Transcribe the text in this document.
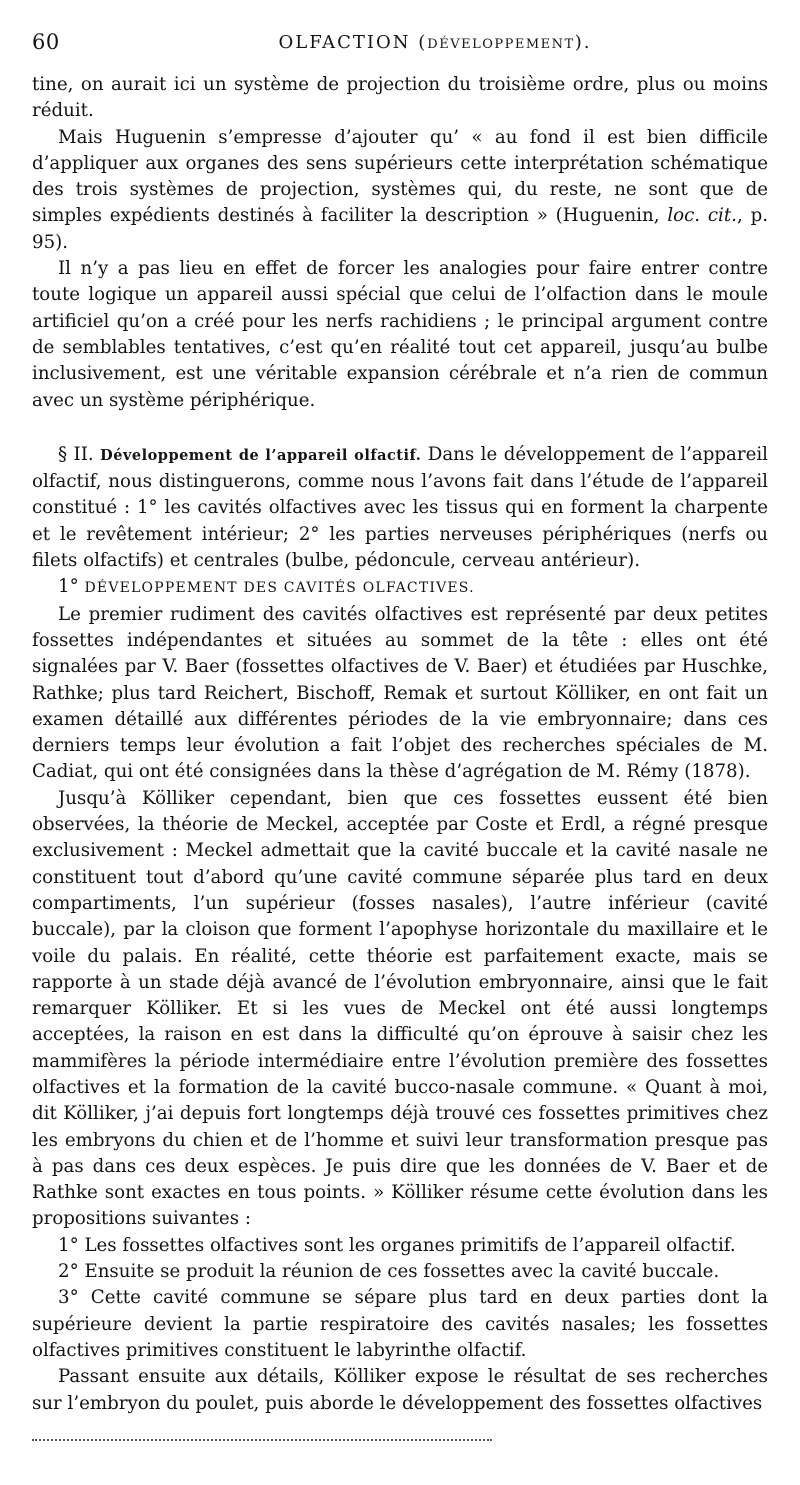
60	OLFACTION (DÉVELOPPEMENT).

tine, on aurait ici un système de projection du troisième ordre, plus ou moins réduit.

Mais Huguenin s’empresse d’ajouter qu’ « au fond il est bien difficile d’appliquer aux organes des sens supérieurs cette interprétation schématique des trois systèmes de projection, systèmes qui, du reste, ne sont que de simples expédients destinés à faciliter la description » (Huguenin, loc. cit., p. 95).

Il n’y a pas lieu en effet de forcer les analogies pour faire entrer contre toute logique un appareil aussi spécial que celui de l’olfaction dans le moule artificiel qu’on a créé pour les nerfs rachidiens ; le principal argument contre de semblables tentatives, c’est qu’en réalité tout cet appareil, jusqu’au bulbe inclusivement, est une véritable expansion cérébrale et n’a rien de commun avec un système périphérique.

§ II. Développement de l’appareil olfactif. Dans le développement de l’appareil olfactif, nous distinguerons, comme nous l’avons fait dans l’étude de l’appareil constitué : 1° les cavités olfactives avec les tissus qui en forment la charpente et le revêtement intérieur; 2° les parties nerveuses périphériques (nerfs ou filets olfactifs) et centrales (bulbe, pédoncule, cerveau antérieur).

1° DÉVELOPPEMENT DES CAVITÉS OLFACTIVES.

Le premier rudiment des cavités olfactives est représenté par deux petites fossettes indépendantes et situées au sommet de la tête : elles ont été signalées par V. Baer (fossettes olfactives de V. Baer) et étudiées par Huschke, Rathke; plus tard Reichert, Bischoff, Remak et surtout Kölliker, en ont fait un examen détaillé aux différentes périodes de la vie embryonnaire; dans ces derniers temps leur évolution a fait l’objet des recherches spéciales de M. Cadiat, qui ont été consignées dans la thèse d’agrégation de M. Rémy (1878).

Jusqu’à Kölliker cependant, bien que ces fossettes eussent été bien observées, la théorie de Meckel, acceptée par Coste et Erdl, a régné presque exclusivement : Meckel admettait que la cavité buccale et la cavité nasale ne constituent tout d’abord qu’une cavité commune séparée plus tard en deux compartiments, l’un supérieur (fosses nasales), l’autre inférieur (cavité buccale), par la cloison que forment l’apophyse horizontale du maxillaire et le voile du palais. En réalité, cette théorie est parfaitement exacte, mais se rapporte à un stade déjà avancé de l’évolution embryonnaire, ainsi que le fait remarquer Kölliker. Et si les vues de Meckel ont été aussi longtemps acceptées, la raison en est dans la difficulté qu’on éprouve à saisir chez les mammifères la période intermédiaire entre l’évolution première des fossettes olfactives et la formation de la cavité bucco-nasale commune. « Quant à moi, dit Kölliker, j’ai depuis fort longtemps déjà trouvé ces fossettes primitives chez les embryons du chien et de l’homme et suivi leur transformation presque pas à pas dans ces deux espèces. Je puis dire que les données de V. Baer et de Rathke sont exactes en tous points. » Kölliker résume cette évolution dans les propositions suivantes :

1° Les fossettes olfactives sont les organes primitifs de l’appareil olfactif.

2° Ensuite se produit la réunion de ces fossettes avec la cavité buccale.

3° Cette cavité commune se sépare plus tard en deux parties dont la supérieure devient la partie respiratoire des cavités nasales; les fossettes olfactives primitives constituent le labyrinthe olfactif.

Passant ensuite aux détails, Kölliker expose le résultat de ses recherches sur l’embryon du poulet, puis aborde le développement des fossettes olfactives
